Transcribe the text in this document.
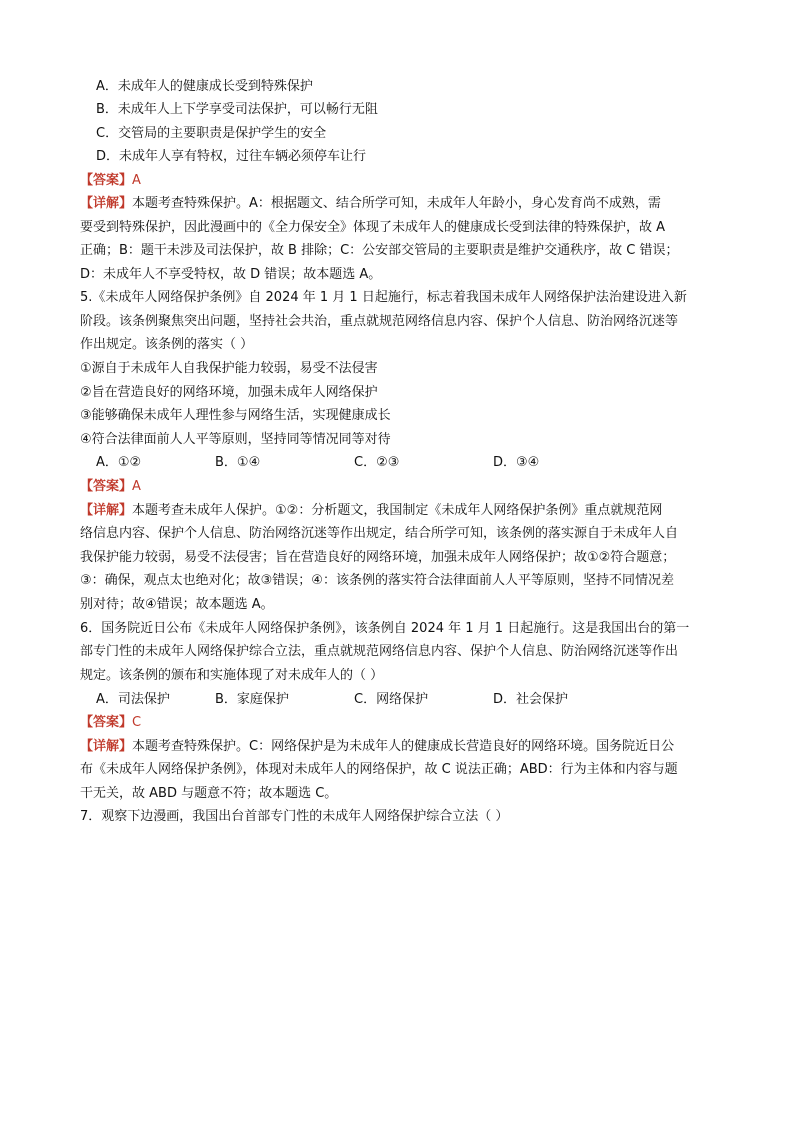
A．未成年人的健康成长受到特殊保护
B．未成年人上下学享受司法保护，可以畅行无阻
C．交管局的主要职责是保护学生的安全
D．未成年人享有特权，过往车辆必须停车让行
【答案】A
【详解】本题考查特殊保护。A：根据题文、结合所学可知，未成年人年龄小，身心发育尚不成熟，需
要受到特殊保护，因此漫画中的《全力保安全》体现了未成年人的健康成长受到法律的特殊保护，故 A
正确；B：题干未涉及司法保护，故 B 排除；C：公安部交管局的主要职责是维护交通秩序，故 C 错误；
D：未成年人不享受特权，故 D 错误；故本题选 A。
5.《未成年人网络保护条例》自 2024 年 1 月 1 日起施行，标志着我国未成年人网络保护法治建设进入新
阶段。该条例聚焦突出问题，坚持社会共治，重点就规范网络信息内容、保护个人信息、防治网络沉迷等
作出规定。该条例的落实（ ）
①源自于未成年人自我保护能力较弱，易受不法侵害
②旨在营造良好的网络环境，加强未成年人网络保护
③能够确保未成年人理性参与网络生活，实现健康成长
④符合法律面前人人平等原则，坚持同等情况同等对待
A．①②	B．①④	C．②③	D．③④
【答案】A
【详解】本题考查未成年人保护。①②：分析题文，我国制定《未成年人网络保护条例》重点就规范网
络信息内容、保护个人信息、防治网络沉迷等作出规定，结合所学可知，该条例的落实源自于未成年人自
我保护能力较弱，易受不法侵害；旨在营造良好的网络环境，加强未成年人网络保护；故①②符合题意；
③：确保，观点太也绝对化；故③错误；④：该条例的落实符合法律面前人人平等原则，坚持不同情况差
别对待；故④错误；故本题选 A。
6．国务院近日公布《未成年人网络保护条例》，该条例自 2024 年 1 月 1 日起施行。这是我国出台的第一
部专门性的未成年人网络保护综合立法，重点就规范网络信息内容、保护个人信息、防治网络沉迷等作出
规定。该条例的颁布和实施体现了对未成年人的（ ）
A．司法保护	B．家庭保护	C．网络保护	D．社会保护
【答案】C
【详解】本题考查特殊保护。C：网络保护是为未成年人的健康成长营造良好的网络环境。国务院近日公
布《未成年人网络保护条例》，体现对未成年人的网络保护，故 C 说法正确；ABD：行为主体和内容与题
干无关，故 ABD 与题意不符；故本题选 C。
7．观察下边漫画，我国出台首部专门性的未成年人网络保护综合立法（ ）
